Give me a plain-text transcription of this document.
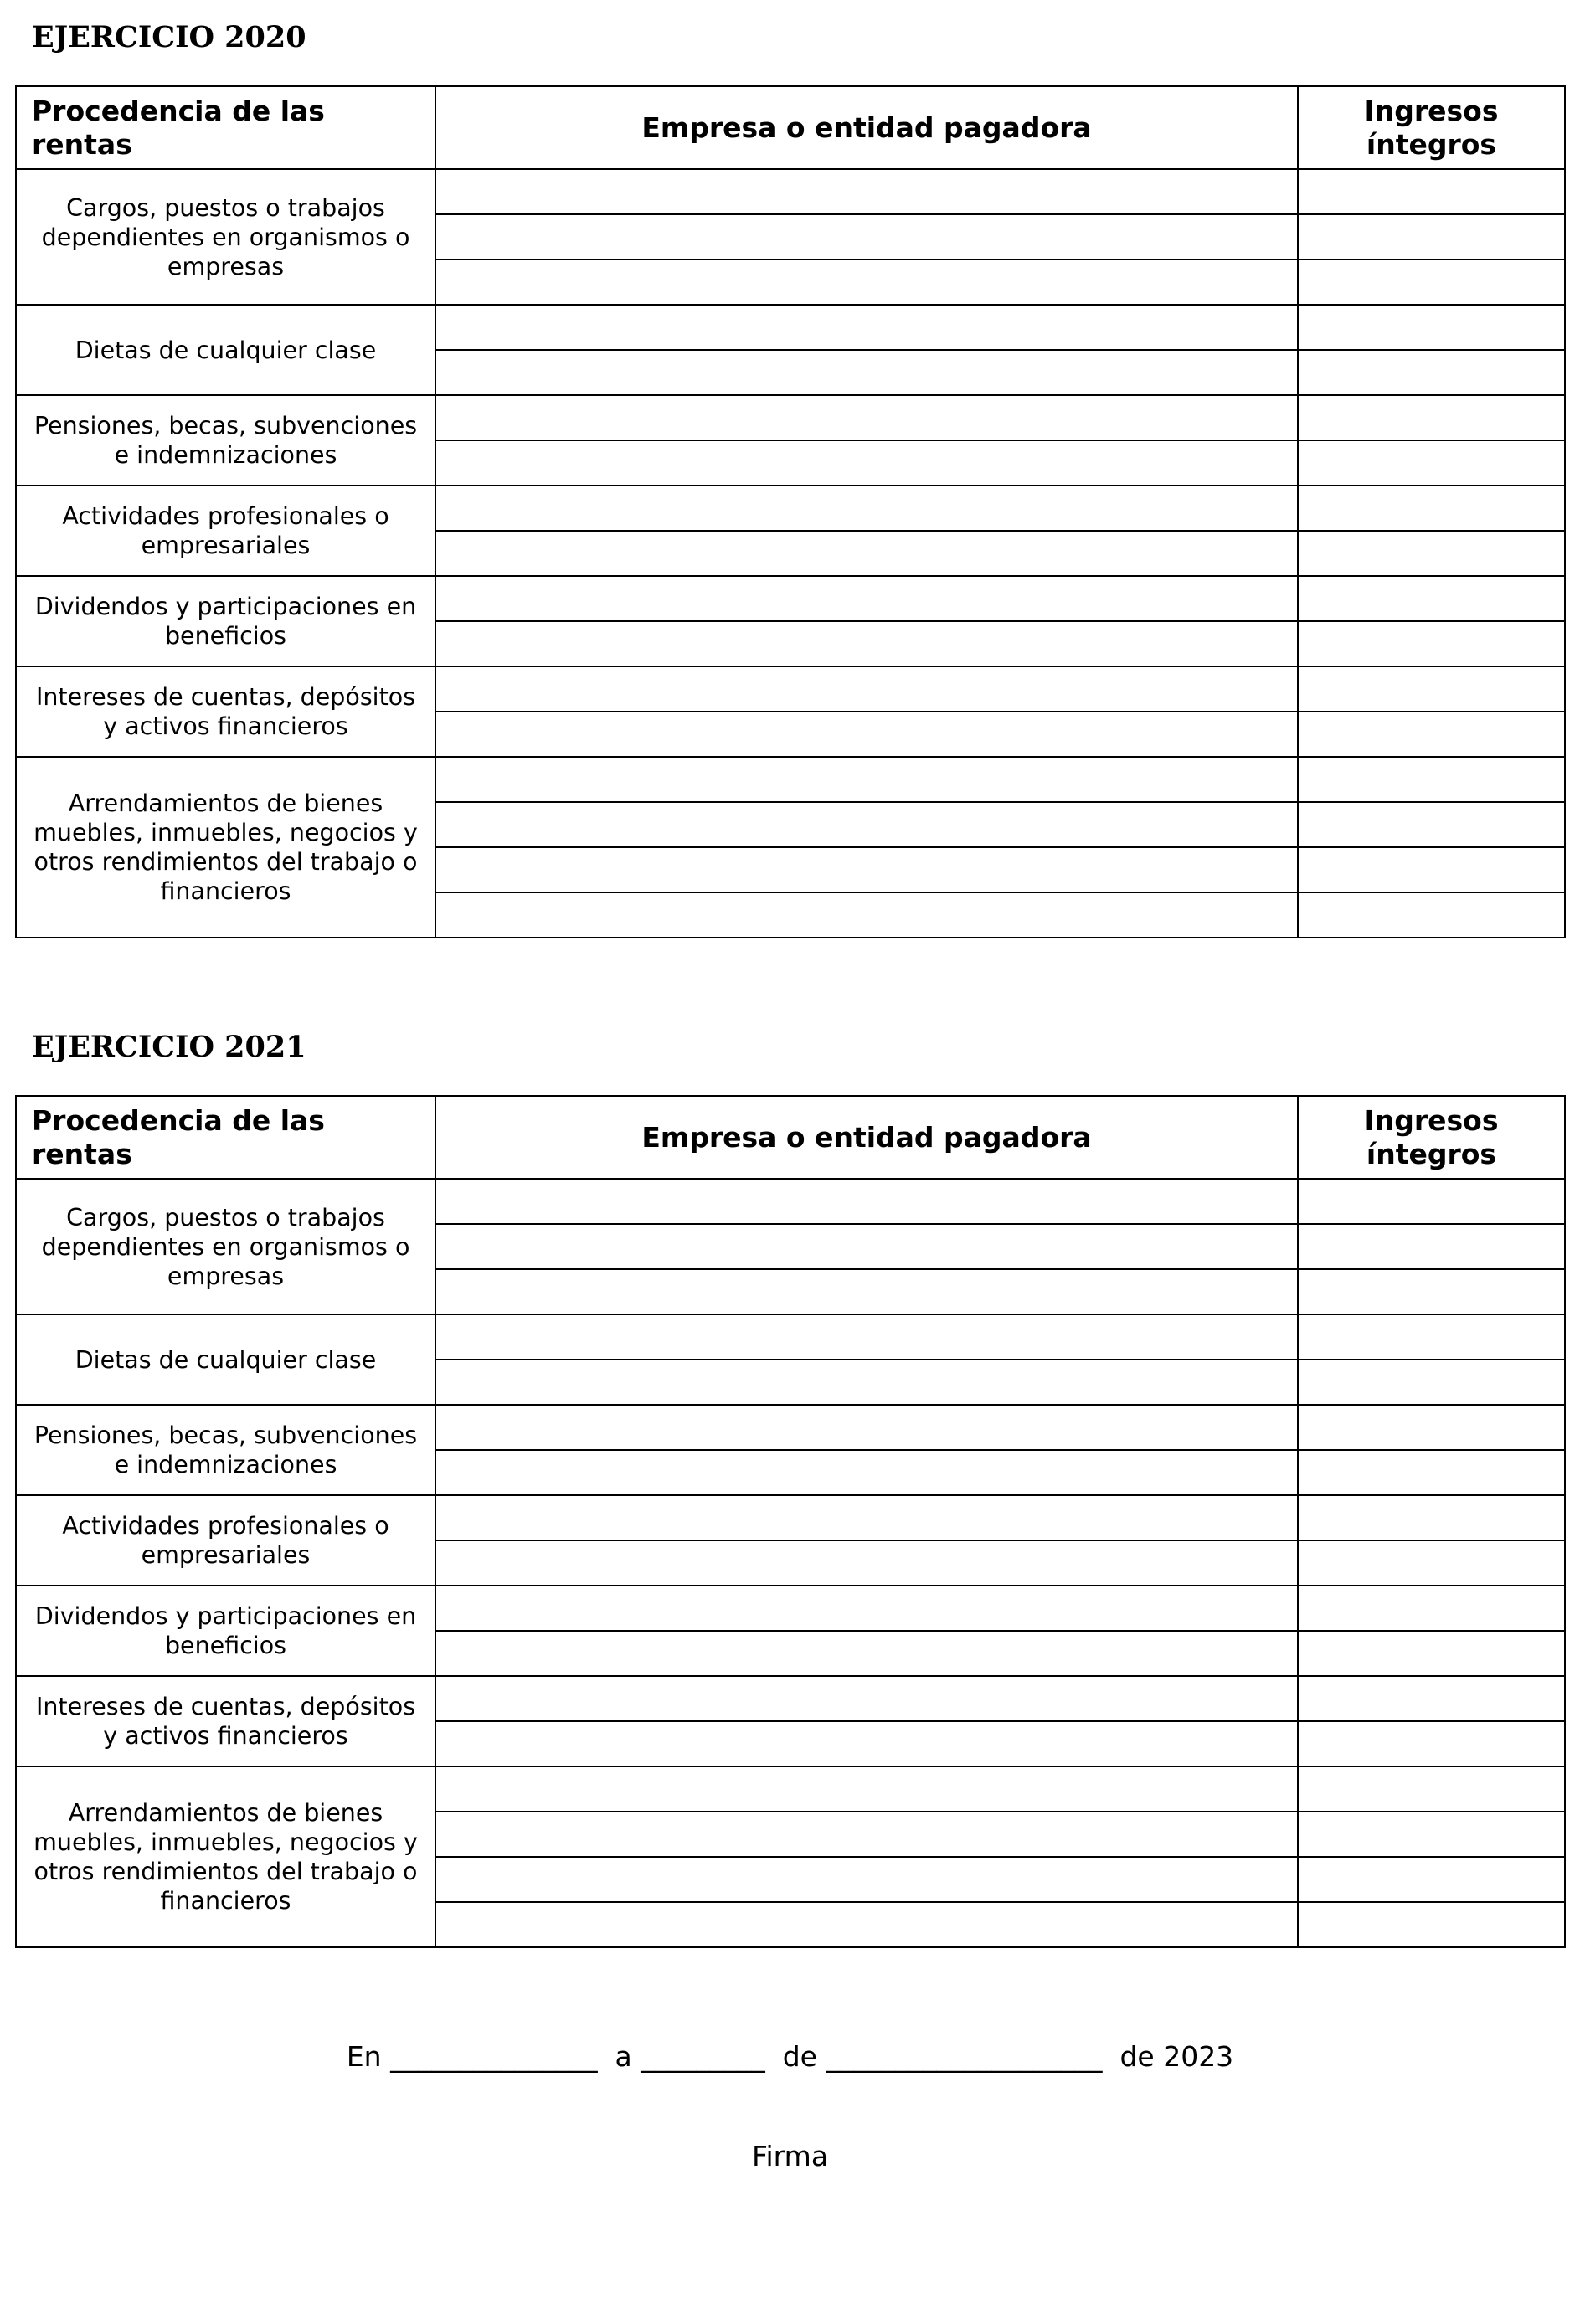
EJERCICIO 2020
Procedencia de las rentas	Empresa o entidad pagadora	Ingresos
íntegros
Cargos, puestos o trabajos dependientes en organismos o empresas		

Dietas de cualquier clase		

Pensiones, becas, subvenciones e indemnizaciones		

Actividades profesionales o empresariales		

Dividendos y participaciones en beneficios		

Intereses de cuentas, depósitos y activos financieros		

Arrendamientos de bienes muebles, inmuebles, negocios y otros rendimientos del trabajo o financieros		

EJERCICIO 2021
Procedencia de las rentas	Empresa o entidad pagadora	Ingresos
íntegros
Cargos, puestos o trabajos dependientes en organismos o empresas		

Dietas de cualquier clase		

Pensiones, becas, subvenciones e indemnizaciones		

Actividades profesionales o empresariales		

Dividendos y participaciones en beneficios		

Intereses de cuentas, depósitos y activos financieros		

Arrendamientos de bienes muebles, inmuebles, negocios y otros rendimientos del trabajo o financieros		

En _______________  a _________  de ____________________  de 2023

Firma
